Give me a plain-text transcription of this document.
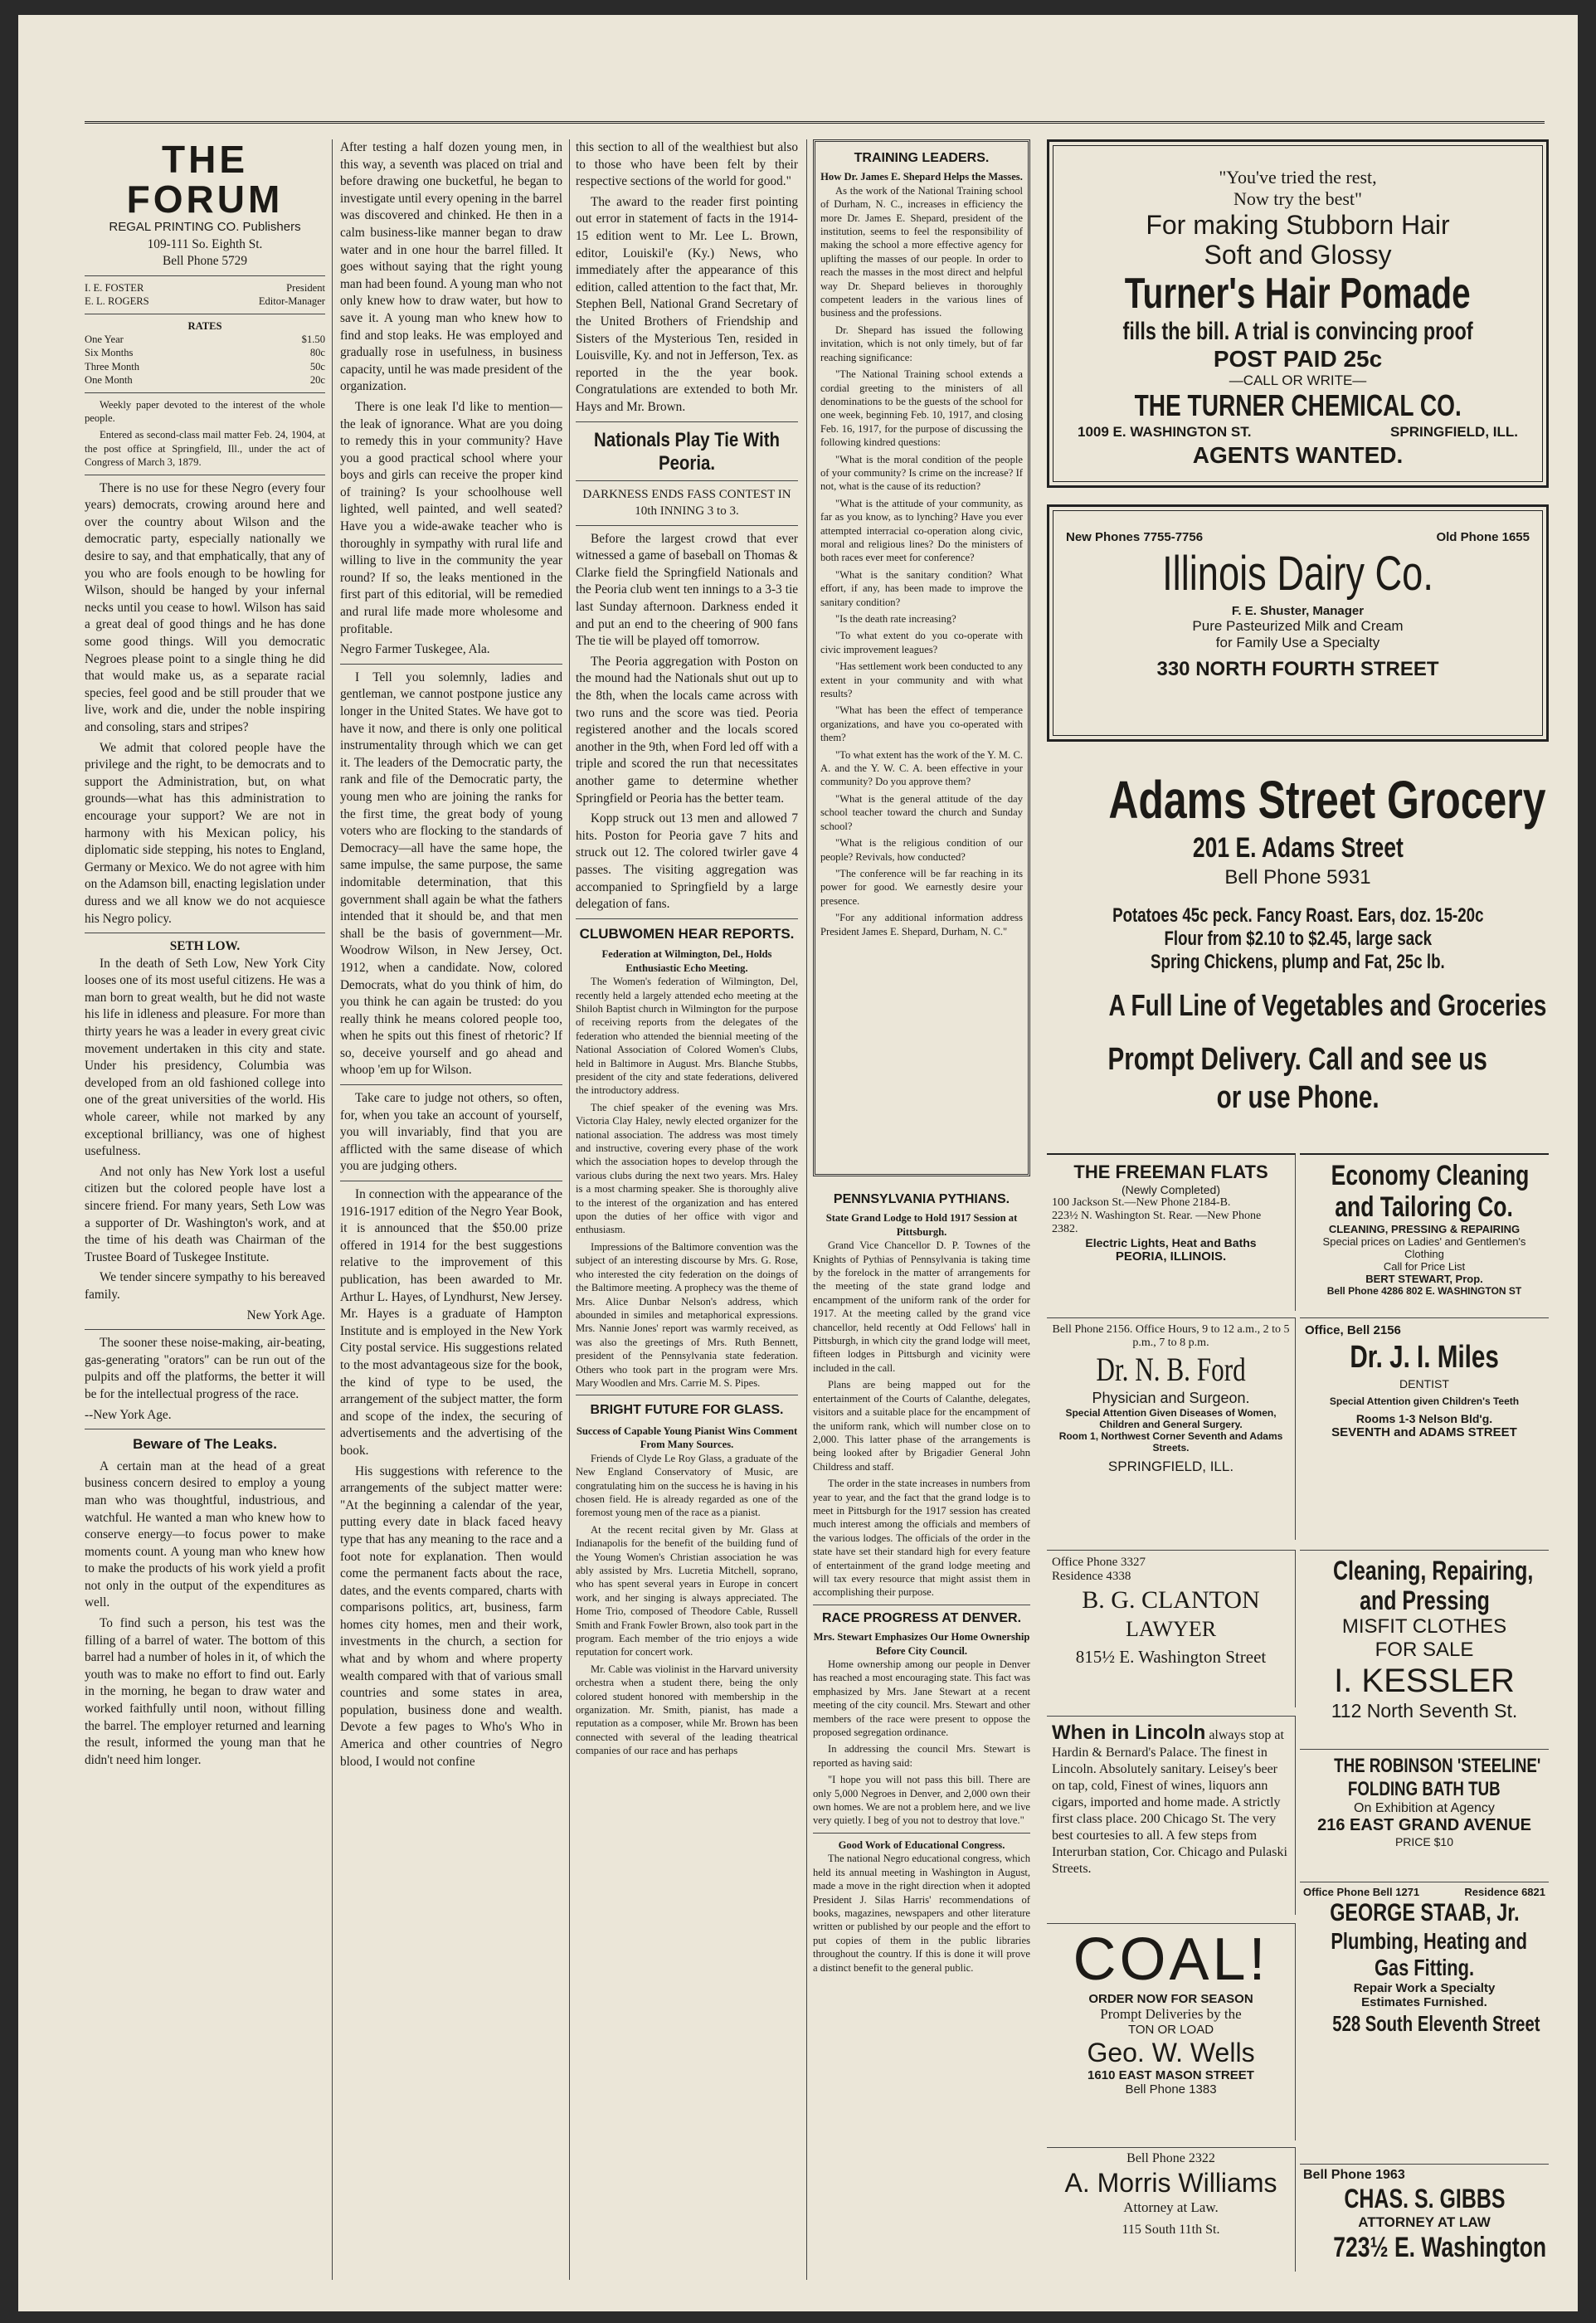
THE FORUM
REGAL PRINTING CO. Publishers
109-111 So. Eighth St.
Bell Phone 5729
I. E. FOSTER	President
E. L. ROGERS	Editor-Manager
RATES
One Year	$1.50
Six Months	80c
Three Month	50c
One Month	20c

Weekly paper devoted to the interest of the whole people.

Entered as second-class mail matter Feb. 24, 1904, at the post office at Springfield, Ill., under the act of Congress of March 3, 1879.

There is no use for these Negro (every four years) democrats, crowing around here and over the country about Wilson and the democratic party, especially nationally we desire to say, and that emphatically, that any of you who are fools enough to be howling for Wilson, should be hanged by your infernal necks until you cease to howl. Wilson has said a great deal of good things and he has done some good things. Will you democratic Negroes please point to a single thing he did that would make us, as a separate racial species, feel good and be still prouder that we live, work and die, under the noble inspiring and consoling, stars and stripes?

We admit that colored people have the privilege and the right, to be democrats and to support the Administration, but, on what grounds—what has this administration to encourage your support? We are not in harmony with his Mexican policy, his diplomatic side stepping, his notes to England, Germany or Mexico. We do not agree with him on the Adamson bill, enacting legislation under duress and we all know we do not acquiesce his Negro policy.

SETH LOW.

In the death of Seth Low, New York City looses one of its most useful citizens. He was a man born to great wealth, but he did not waste his life in idleness and pleasure. For more than thirty years he was a leader in every great civic movement undertaken in this city and state. Under his presidency, Columbia was developed from an old fashioned college into one of the great universities of the world. His whole career, while not marked by any exceptional brilliancy, was one of highest usefulness.

And not only has New York lost a useful citizen but the colored people have lost a sincere friend. For many years, Seth Low was a supporter of Dr. Washington's work, and at the time of his death was Chairman of the Trustee Board of Tuskegee Institute.

We tender sincere sympathy to his bereaved family.

New York Age.

The sooner these noise-making, air-beating, gas-generating "orators" can be run out of the pulpits and off the platforms, the better it will be for the intellectual progress of the race.

--New York Age.
Beware of The Leaks.

A certain man at the head of a great business concern desired to employ a young man who was thoughtful, industrious, and watchful. He wanted a man who knew how to conserve energy—to focus power to make moments count. A young man who knew how to make the products of his work yield a profit not only in the output of the expenditures as well.

To find such a person, his test was the filling of a barrel of water. The bottom of this barrel had a number of holes in it, of which the youth was to make no effort to find out. Early in the morning, he began to draw water and worked faithfully until noon, without filling the barrel. The employer returned and learning the result, informed the young man that he didn't need him longer.

After testing a half dozen young men, in this way, a seventh was placed on trial and before drawing one bucketful, he began to investigate until every opening in the barrel was discovered and chinked. He then in a calm business-like manner began to draw water and in one hour the barrel filled. It goes without saying that the right young man had been found. A young man who not only knew how to draw water, but how to save it. A young man who knew how to find and stop leaks. He was employed and gradually rose in usefulness, in business capacity, until he was made president of the organization.

There is one leak I'd like to mention—the leak of ignorance. What are you doing to remedy this in your community? Have you a good practical school where your boys and girls can receive the proper kind of training? Is your schoolhouse well lighted, well painted, and well seated? Have you a wide-awake teacher who is thoroughly in sympathy with rural life and willing to live in the community the year round? If so, the leaks mentioned in the first part of this editorial, will be remedied and rural life made more wholesome and profitable.

Negro Farmer Tuskegee, Ala.

I Tell you solemnly, ladies and gentleman, we cannot postpone justice any longer in the United States. We have got to have it now, and there is only one political instrumentality through which we can get it. The leaders of the Democratic party, the rank and file of the Democratic party, the young men who are joining the ranks for the first time, the great body of young voters who are flocking to the standards of Democracy—all have the same hope, the same impulse, the same purpose, the same indomitable determination, that this government shall again be what the fathers intended that it should be, and that men shall be the basis of government—Mr. Woodrow Wilson, in New Jersey, Oct. 1912, when a candidate. Now, colored Democrats, what do you think of him, do you think he can again be trusted: do you really think he means colored people too, when he spits out this finest of rhetoric? If so, deceive yourself and go ahead and whoop 'em up for Wilson.

Take care to judge not others, so often, for, when you take an account of yourself, you will invariably, find that you are afflicted with the same disease of which you are judging others.

In connection with the appearance of the 1916-1917 edition of the Negro Year Book, it is announced that the $50.00 prize offered in 1914 for the best suggestions relative to the improvement of this publication, has been awarded to Mr. Arthur L. Hayes, of Lyndhurst, New Jersey. Mr. Hayes is a graduate of Hampton Institute and is employed in the New York City postal service. His suggestions related to the most advantageous size for the book, the kind of type to be used, the arrangement of the subject matter, the form and scope of the index, the securing of advertisements and the advertising of the book.

His suggestions with reference to the arrangements of the subject matter were: "At the beginning a calendar of the year, putting every date in black faced heavy type that has any meaning to the race and a foot note for explanation. Then would come the permanent facts about the race, dates, and the events compared, charts with comparisons politics, art, business, farm homes city homes, men and their work, investments in the church, a section for what and by whom and where property wealth compared with that of various small countries and some states in area, population, business done and wealth. Devote a few pages to Who's Who in America and other countries of Negro blood, I would not confine

this section to all of the wealthiest but also to those who have been felt by their respective sections of the world for good."

The award to the reader first pointing out error in statement of facts in the 1914-15 edition went to Mr. Lee L. Brown, editor, Louiskil'e (Ky.) News, who immediately after the appearance of this edition, called attention to the fact that, Mr. Stephen Bell, National Grand Secretary of the United Brothers of Friendship and Sisters of the Mysterious Ten, resided in Louisville, Ky. and not in Jefferson, Tex. as reported in the the year book. Congratulations are extended to both Mr. Hays and Mr. Brown.

Nationals Play Tie With Peoria.
DARKNESS ENDS FASS CONTEST IN 10th INNING 3 to 3.

Before the largest crowd that ever witnessed a game of baseball on Thomas & Clarke field the Springfield Nationals and the Peoria club went ten innings to a 3-3 tie last Sunday afternoon. Darkness ended it and put an end to the cheering of 900 fans The tie will be played off tomorrow.

The Peoria aggregation with Poston on the mound had the Nationals shut out up to the 8th, when the locals came across with two runs and the score was tied. Peoria registered another and the locals scored another in the 9th, when Ford led off with a triple and scored the run that necessitates another game to determine whether Springfield or Peoria has the better team.

Kopp struck out 13 men and allowed 7 hits. Poston for Peoria gave 7 hits and struck out 12. The colored twirler gave 4 passes. The visiting aggregation was accompanied to Springfield by a large delegation of fans.

CLUBWOMEN HEAR REPORTS.
Federation at Wilmington, Del., Holds Enthusiastic Echo Meeting.

The Women's federation of Wilmington, Del, recently held a largely attended echo meeting at the Shiloh Baptist church in Wilmington for the purpose of receiving reports from the delegates of the federation who attended the biennial meeting of the National Association of Colored Women's Clubs, held in Baltimore in August. Mrs. Blanche Stubbs, president of the city and state federations, delivered the introductory address.

The chief speaker of the evening was Mrs. Victoria Clay Haley, newly elected organizer for the national association. The address was most timely and instructive, covering every phase of the work which the association hopes to develop through the various clubs during the next two years. Mrs. Haley is a most charming speaker. She is thoroughly alive to the interest of the organization and has entered upon the duties of her office with vigor and enthusiasm.

Impressions of the Baltimore convention was the subject of an interesting discourse by Mrs. G. Rose, who interested the city federation on the doings of the Baltimore meeting. A prophecy was the theme of Mrs. Alice Dunbar Nelson's address, which abounded in similes and metaphorical expressions. Mrs. Nannie Jones' report was warmly received, as was also the greetings of Mrs. Ruth Bennett, president of the Pennsylvania state federation. Others who took part in the program were Mrs. Mary Woodlen and Mrs. Carrie M. S. Pipes.

BRIGHT FUTURE FOR GLASS.
Success of Capable Young Pianist Wins Comment From Many Sources.

Friends of Clyde Le Roy Glass, a graduate of the New England Conservatory of Music, are congratulating him on the success he is having in his chosen field. He is already regarded as one of the foremost young men of the race as a pianist.

At the recent recital given by Mr. Glass at Indianapolis for the benefit of the building fund of the Young Women's Christian association he was ably assisted by Mrs. Lucretia Mitchell, soprano, who has spent several years in Europe in concert work, and her singing is always appreciated. The Home Trio, composed of Theodore Cable, Russell Smith and Frank Fowler Brown, also took part in the program. Each member of the trio enjoys a wide reputation for concert work.

Mr. Cable was violinist in the Harvard university orchestra when a student there, being the only colored student honored with membership in the organization. Mr. Smith, pianist, has made a reputation as a composer, while Mr. Brown has been connected with several of the leading theatrical companies of our race and has perhaps

TRAINING LEADERS.
How Dr. James E. Shepard Helps the Masses.

As the work of the National Training school of Durham, N. C., increases in efficiency the more Dr. James E. Shepard, president of the institution, seems to feel the responsibility of making the school a more effective agency for uplifting the masses of our people. In order to reach the masses in the most direct and helpful way Dr. Shepard believes in thoroughly competent leaders in the various lines of business and the professions.

Dr. Shepard has issued the following invitation, which is not only timely, but of far reaching significance:

"The National Training school extends a cordial greeting to the ministers of all denominations to be the guests of the school for one week, beginning Feb. 10, 1917, and closing Feb. 16, 1917, for the purpose of discussing the following kindred questions:

"What is the moral condition of the people of your community? Is crime on the increase? If not, what is the cause of its reduction?

"What is the attitude of your community, as far as you know, as to lynching? Have you ever attempted interracial co-operation along civic, moral and religious lines? Do the ministers of both races ever meet for conference?

"What is the sanitary condition? What effort, if any, has been made to improve the sanitary condition?

"Is the death rate increasing?

"To what extent do you co-operate with civic improvement leagues?

"Has settlement work been conducted to any extent in your community and with what results?

"What has been the effect of temperance organizations, and have you co-operated with them?

"To what extent has the work of the Y. M. C. A. and the Y. W. C. A. been effective in your community? Do you approve them?

"What is the general attitude of the day school teacher toward the church and Sunday school?

"What is the religious condition of our people? Revivals, how conducted?

"The conference will be far reaching in its power for good. We earnestly desire your presence.

"For any additional information address President James E. Shepard, Durham, N. C."

PENNSYLVANIA PYTHIANS.
State Grand Lodge to Hold 1917 Session at Pittsburgh.

Grand Vice Chancellor D. P. Townes of the Knights of Pythias of Pennsylvania is taking time by the forelock in the matter of arrangements for the meeting of the state grand lodge and encampment of the uniform rank of the order for 1917. At the meeting called by the grand vice chancellor, held recently at Odd Fellows' hall in Pittsburgh, in which city the grand lodge will meet, fifteen lodges in Pittsburgh and vicinity were included in the call.

Plans are being mapped out for the entertainment of the Courts of Calanthe, delegates, visitors and a suitable place for the encampment of the uniform rank, which will number close on to 2,000. This latter phase of the arrangements is being looked after by Brigadier General John Childress and staff.

The order in the state increases in numbers from year to year, and the fact that the grand lodge is to meet in Pittsburgh for the 1917 session has created much interest among the officials and members of the various lodges. The officials of the order in the state have set their standard high for every feature of entertainment of the grand lodge meeting and will tax every resource that might assist them in accomplishing their purpose.

RACE PROGRESS AT DENVER.
Mrs. Stewart Emphasizes Our Home Ownership Before City Council.

Home ownership among our people in Denver has reached a most encouraging state. This fact was emphasized by Mrs. Jane Stewart at a recent meeting of the city council. Mrs. Stewart and other members of the race were present to oppose the proposed segregation ordinance.

In addressing the council Mrs. Stewart is reported as having said:

"I hope you will not pass this bill. There are only 5,000 Negroes in Denver, and 2,000 own their own homes. We are not a problem here, and we live very quietly. I beg of you not to destroy that love."

Good Work of Educational Congress.

The national Negro educational congress, which held its annual meeting in Washington in August, made a move in the right direction when it adopted President J. Silas Harris' recommendations of books, magazines, newspapers and other literature written or published by our people and the effort to put copies of them in the public libraries throughout the country. If this is done it will prove a distinct benefit to the general public.

"You've tried the rest,
Now try the best"
For making Stubborn Hair
Soft and Glossy
Turner's Hair Pomade
fills the bill. A trial is convincing proof
POST PAID 25c
—CALL OR WRITE—
THE TURNER CHEMICAL CO.
1009 E. WASHINGTON ST.	SPRINGFIELD, ILL.
AGENTS WANTED.
New Phones 7755-7756	Old Phone 1655
Illinois Dairy Co.
F. E. Shuster, Manager
Pure Pasteurized Milk and Cream
for Family Use a Specialty
330 NORTH FOURTH STREET
Adams Street Grocery
201 E. Adams Street
Bell Phone 5931
Potatoes 45c peck. Fancy Roast. Ears, doz. 15-20c
Flour from $2.10 to $2.45, large sack
Spring Chickens, plump and Fat, 25c lb.
A Full Line of Vegetables and Groceries
Prompt Delivery. Call and see us
or use Phone.
THE FREEMAN FLATS
(Newly Completed)
100 Jackson St.—New Phone 2184-B.
223½ N. Washington St. Rear. —New Phone 2382.
Electric Lights, Heat and Baths
PEORIA, ILLINOIS.
Economy Cleaning
and Tailoring Co.
CLEANING, PRESSING & REPAIRING
Special prices on Ladies' and Gentlemen's Clothing
Call for Price List
BERT STEWART, Prop.
Bell Phone 4286 802 E. WASHINGTON ST
Bell Phone 2156. Office Hours, 9 to 12 a.m., 2 to 5 p.m., 7 to 8 p.m.
Dr. N. B. Ford
Physician and Surgeon.
Special Attention Given Diseases of Women, Children and General Surgery.
Room 1, Northwest Corner Seventh and Adams Streets.
SPRINGFIELD, ILL.
Office, Bell 2156
Dr. J. I. Miles
DENTIST
Special Attention given Children's Teeth
Rooms 1-3 Nelson Bld'g.
SEVENTH and ADAMS STREET
Office Phone 3327
Residence 4338
B. G. CLANTON
LAWYER
815½ E. Washington Street
Cleaning, Repairing,
and Pressing
MISFIT CLOTHES
FOR SALE
I. KESSLER
112 North Seventh St.
When in Lincoln always stop at Hardin & Bernard's Palace. The finest in Lincoln. Absolutely sanitary. Leisey's beer on tap, cold, Finest of wines, liquors ann cigars, imported and home made. A strictly first class place. 200 Chicago St. The very best courtesies to all. A few steps from Interurban station, Cor. Chicago and Pulaski Streets.
THE ROBINSON 'STEELINE'
FOLDING BATH TUB
On Exhibition at Agency
216 EAST GRAND AVENUE
PRICE $10
COAL!
ORDER NOW FOR SEASON
Prompt Deliveries by the
TON OR LOAD
Geo. W. Wells
1610 EAST MASON STREET
Bell Phone 1383
Office Phone Bell 1271	Residence 6821
GEORGE STAAB, Jr.
Plumbing, Heating and
Gas Fitting.
Repair Work a Specialty
Estimates Furnished.
528 South Eleventh Street
Bell Phone 2322
A. Morris Williams
Attorney at Law.
115 South 11th St.
Bell Phone 1963
CHAS. S. GIBBS
ATTORNEY AT LAW
723½ E. Washington
